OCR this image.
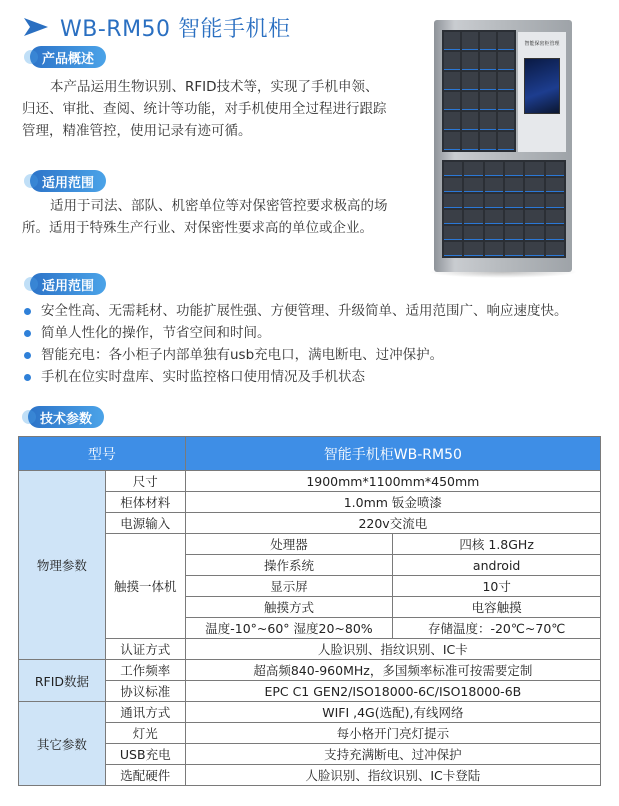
WB-RM50 智能手机柜
产品概述
本产品运用生物识别、RFID技术等，实现了手机申领、
归还、审批、查阅、统计等功能，对手机使用全过程进行跟踪
管理，精准管控，使用记录有迹可循。
适用范围
适用于司法、部队、机密单位等对保密管控要求极高的场
所。适用于特殊生产行业、对保密性要求高的单位或企业。
智能保密柜管理
适用范围
安全性高、无需耗材、功能扩展性强、方便管理、升级简单、适用范围广、响应速度快。
简单人性化的操作，节省空间和时间。
智能充电：各小柜子内部单独有usb充电口，满电断电、过冲保护。
手机在位实时盘库、实时监控格口使用情况及手机状态
技术参数
型号		智能手机柜WB-RM50	
物理参数	尺寸	1900mm*1100mm*450mm	
	柜体材料	1.0mm 钣金喷漆	
	电源输入	220v交流电	
	触摸一体机	处理器	四核 1.8GHz
		操作系统	android
		显示屏	10寸
		触摸方式	电容触摸
		温度-10°~60° 湿度20~80%	存储温度：-20℃~70℃
	认证方式	人脸识别、指纹识别、IC卡	
RFID数据	工作频率	超高频840-960MHz，多国频率标准可按需要定制	
	协议标准	EPC C1 GEN2/ISO18000-6C/ISO18000-6B	
其它参数	通讯方式	WIFI ,4G(选配),有线网络	
	灯光	每小格开门亮灯提示	
	USB充电	支持充满断电、过冲保护	
	选配硬件	人脸识别、指纹识别、IC卡登陆	
